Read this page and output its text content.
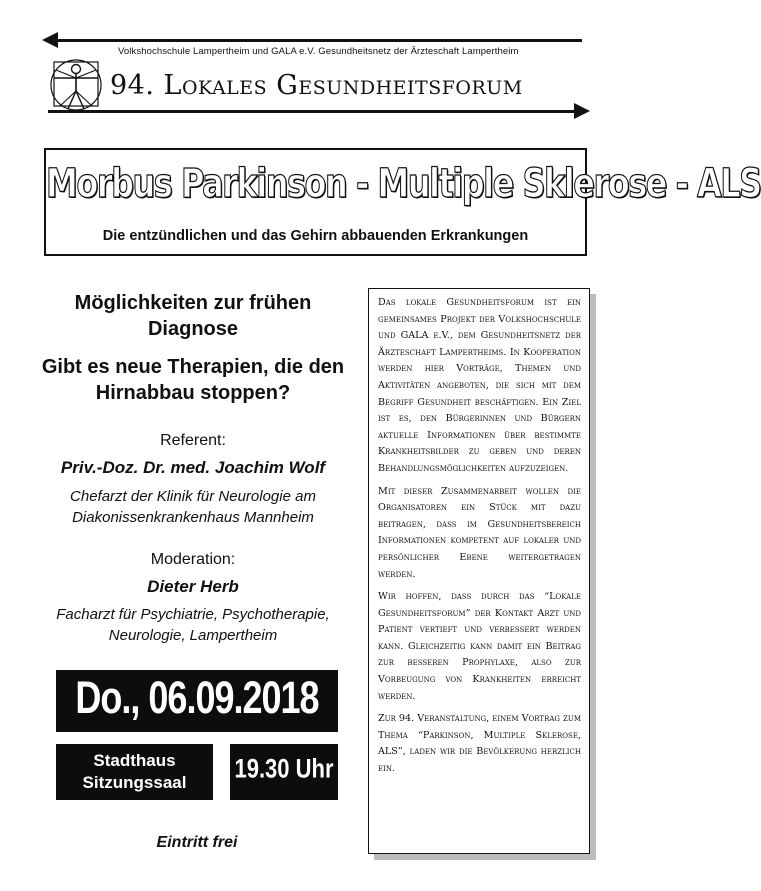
Volkshochschule Lampertheim und GALA e.V. Gesundheitsnetz der Ärzteschaft Lampertheim
94. Lokales Gesundheitsforum
Morbus Parkinson - Multiple Sklerose - ALS
Die entzündlichen und das Gehirn abbauenden Erkrankungen
Möglichkeiten zur frühen Diagnose
Gibt es neue Therapien, die den Hirnabbau stoppen?
Referent:
Priv.-Doz. Dr. med. Joachim Wolf
Chefarzt der Klinik für Neurologie am Diakonissenkrankenhaus Mannheim
Moderation:
Dieter Herb
Facharzt für Psychiatrie, Psychotherapie, Neurologie, Lampertheim
Do., 06.09.2018
Stadthaus
Sitzungssaal	19.30 Uhr
Eintritt frei

Das lokale Gesundheitsforum ist ein gemeinsames Projekt der Volkshochschule und GALA e.V., dem Gesundheitsnetz der Ärzteschaft Lampertheims. In Kooperation werden hier Vorträge, Themen und Aktivitäten angeboten, die sich mit dem Begriff Gesundheit beschäftigen. Ein Ziel ist es, den Bürgerinnen und Bürgern aktuelle Informationen über bestimmte Krankheitsbilder zu geben und deren Behandlungsmöglichkeiten aufzuzeigen.

Mit dieser Zusammenarbeit wollen die Organisatoren ein Stück mit dazu beitragen, dass im Gesundheitsbereich Informationen kompetent auf lokaler und persönlicher Ebene weitergetragen werden.

Wir hoffen, dass durch das “Lokale Gesundheitsforum” der Kontakt Arzt und Patient vertieft und verbessert werden kann. Gleichzeitig kann damit ein Beitrag zur besseren Prophylaxe, also zur Vorbeugung von Krankheiten erreicht werden.

Zur 94. Veranstaltung, einem Vortrag zum Thema “Parkinson, Multiple Sklerose, ALS”, laden wir die Bevölkerung herzlich ein.
